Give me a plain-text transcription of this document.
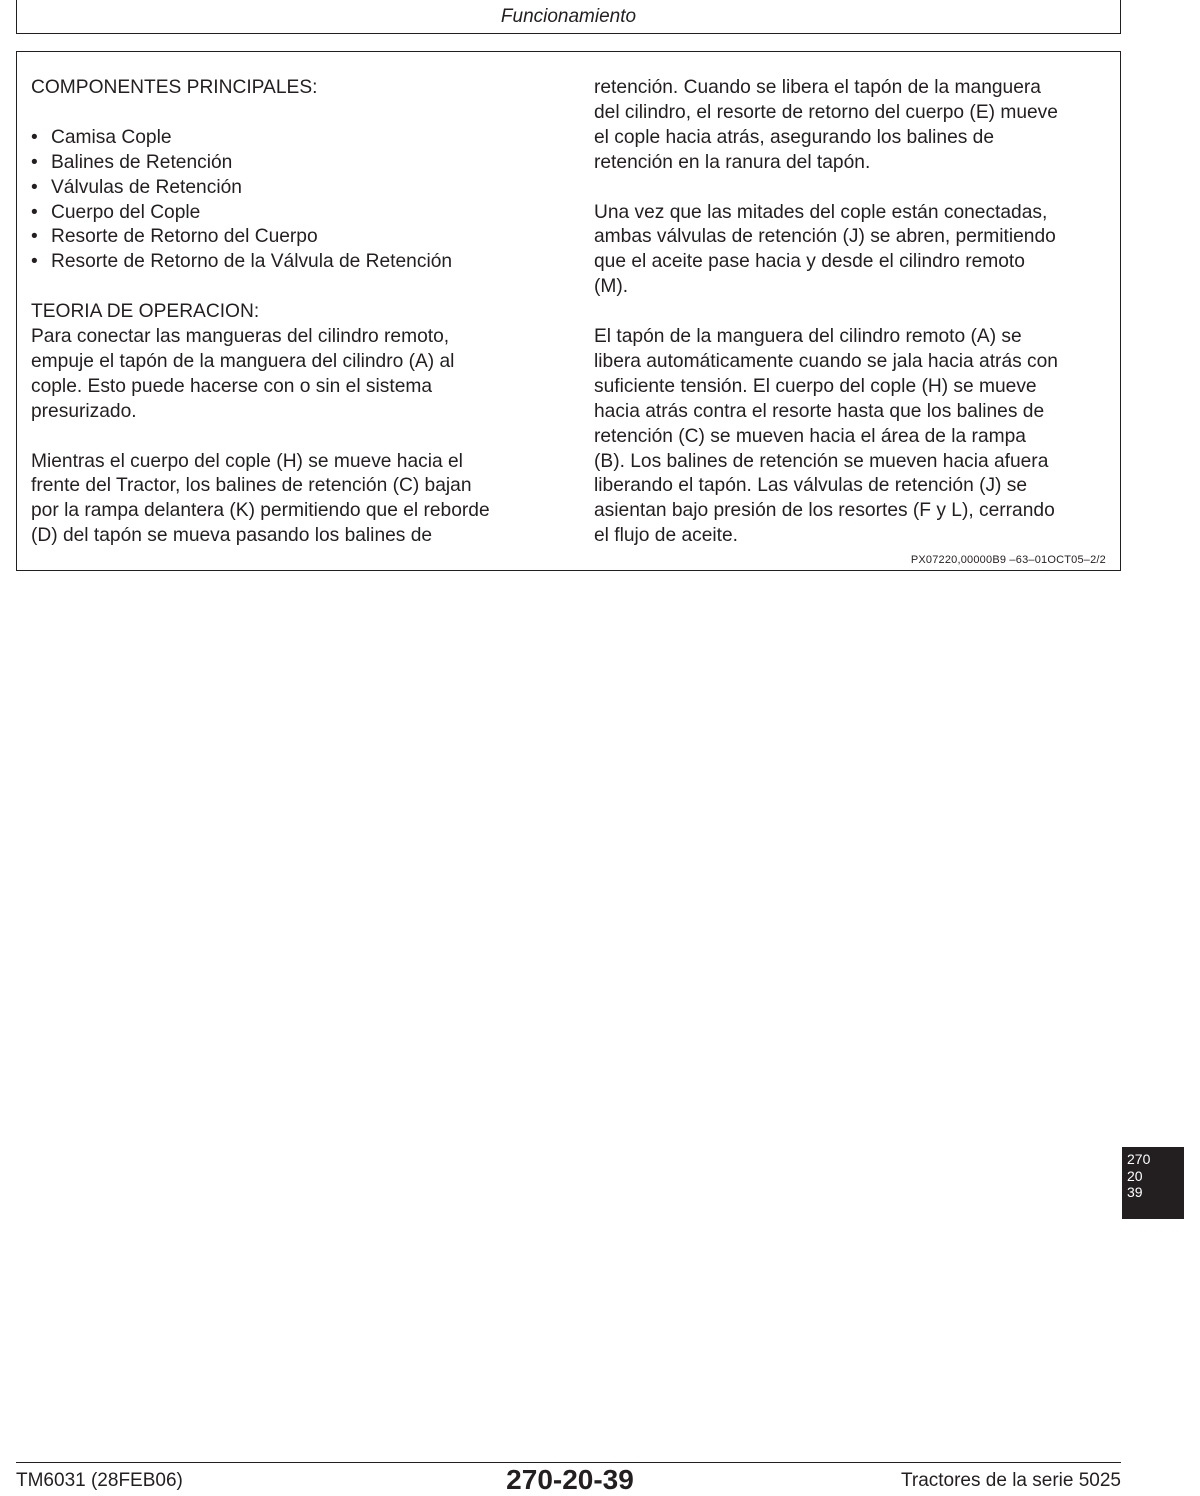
Funcionamiento

COMPONENTES PRINCIPALES:

• Camisa Cople
• Balines de Retención
• Válvulas de Retención
• Cuerpo del Cople
• Resorte de Retorno del Cuerpo
• Resorte de Retorno de la Válvula de Retención

TEORIA DE OPERACION:

Para conectar las mangueras del cilindro remoto,

empuje el tapón de la manguera del cilindro (A) al

cople. Esto puede hacerse con o sin el sistema

presurizado.

Mientras el cuerpo del cople (H) se mueve hacia el

frente del Tractor, los balines de retención (C) bajan

por la rampa delantera (K) permitiendo que el reborde

(D) del tapón se mueva pasando los balines de

retención. Cuando se libera el tapón de la manguera

del cilindro, el resorte de retorno del cuerpo (E) mueve

el cople hacia atrás, asegurando los balines de

retención en la ranura del tapón.

Una vez que las mitades del cople están conectadas,

ambas válvulas de retención (J) se abren, permitiendo

que el aceite pase hacia y desde el cilindro remoto

(M).

El tapón de la manguera del cilindro remoto (A) se

libera automáticamente cuando se jala hacia atrás con

suficiente tensión. El cuerpo del cople (H) se mueve

hacia atrás contra el resorte hasta que los balines de

retención (C) se mueven hacia el área de la rampa

(B). Los balines de retención se mueven hacia afuera

liberando el tapón. Las válvulas de retención (J) se

asientan bajo presión de los resortes (F y L), cerrando

el flujo de aceite.

PX07220,00000B9 –63–01OCT05–2/2
270
20
39
TM6031 (28FEB06)	270-20-39	Tractores de la serie 5025
